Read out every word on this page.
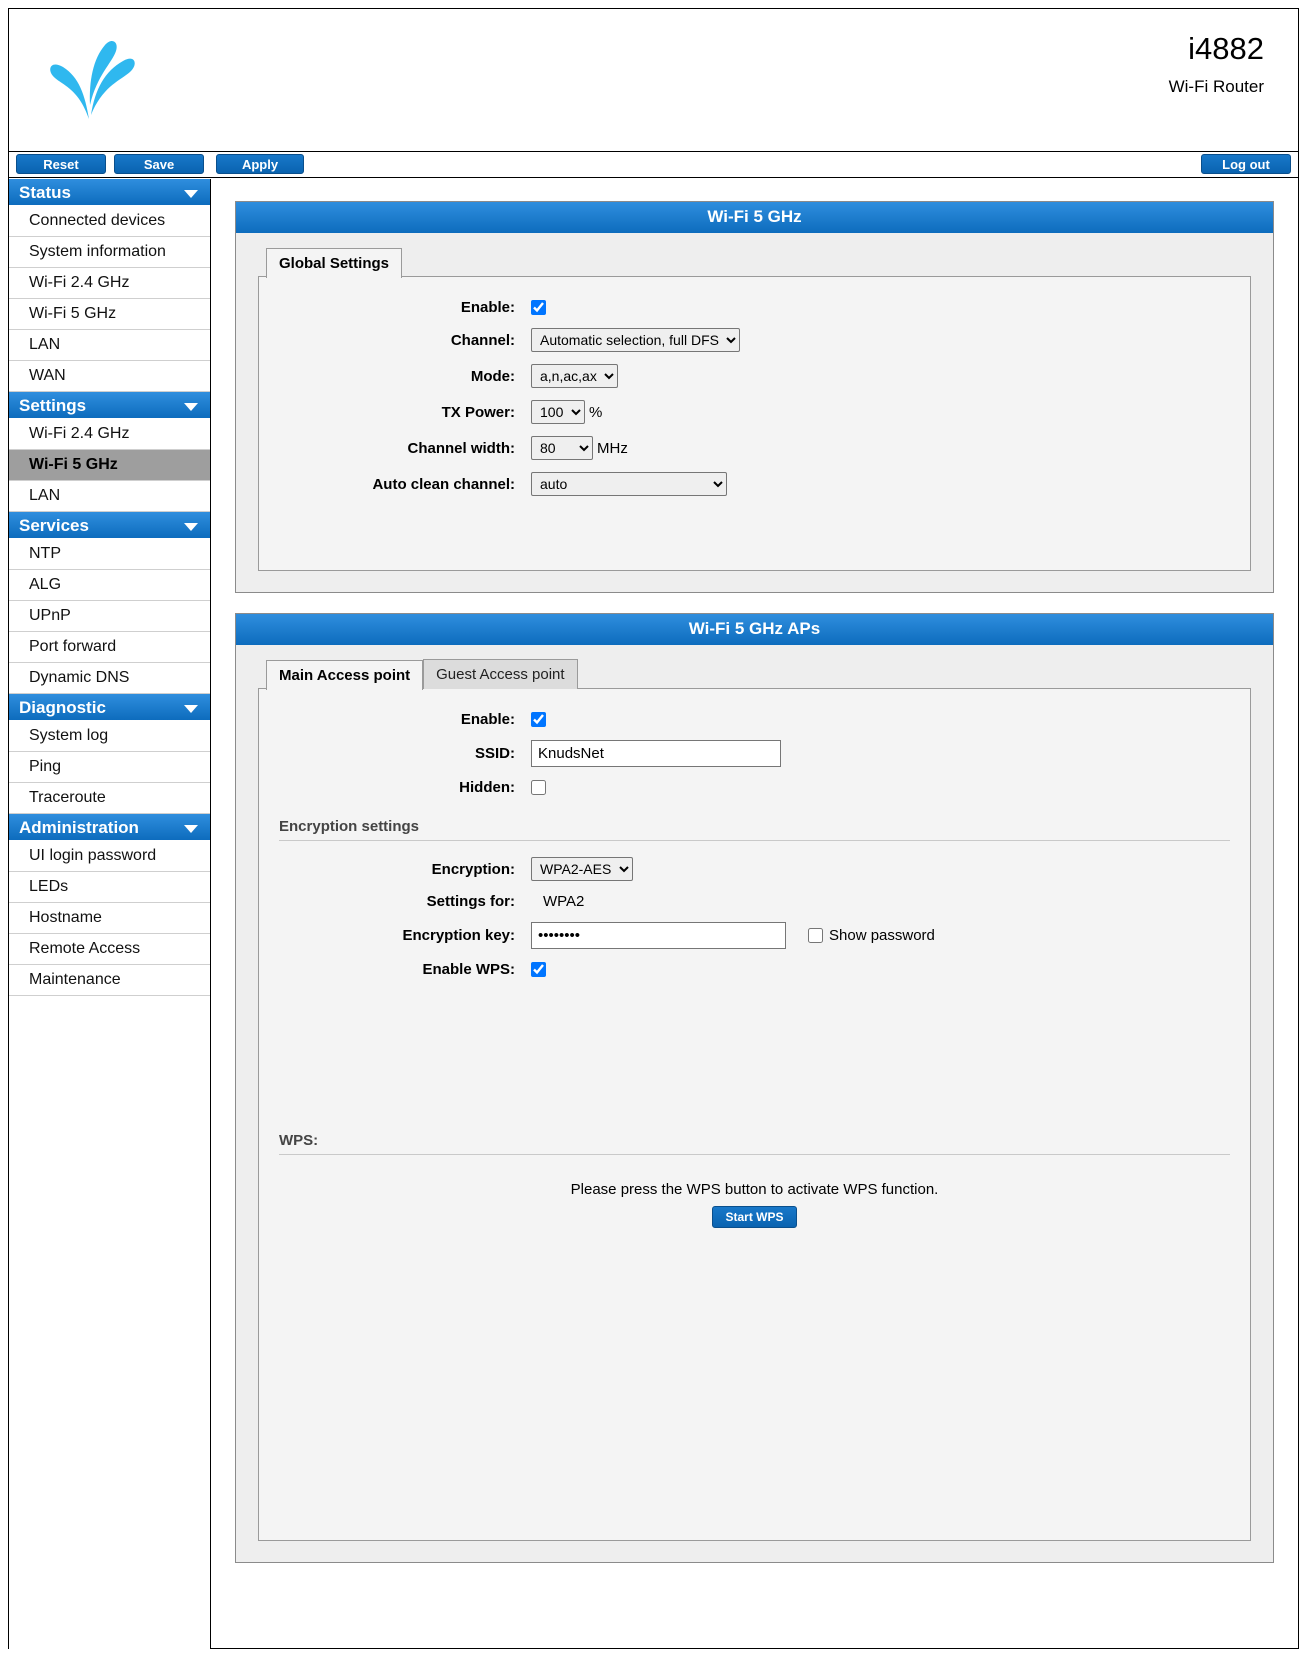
i4882
Wi-Fi Router
Reset	Save	Apply	Log out
Status
Connected devices
System information
Wi-Fi 2.4 GHz
Wi-Fi 5 GHz
LAN
WAN
Settings
Wi-Fi 2.4 GHz
Wi-Fi 5 GHz
LAN
Services
NTP
ALG
UPnP
Port forward
Dynamic DNS
Diagnostic
System log
Ping
Traceroute
Administration
UI login password
LEDs
Hostname
Remote Access
Maintenance
Wi-Fi 5 GHz
Global Settings
Enable:
Channel:
Automatic selection, full DFS
Mode:
a,n,ac,ax
TX Power:
100	%
Channel width:
80	MHz
Auto clean channel:
auto
Wi-Fi 5 GHz APs
Main Access point	Guest Access point
Enable:
SSID:
KnudsNet
Hidden:
Encryption settings
Encryption:
WPA2-AES
Settings for:	WPA2
Encryption key:
••••••••	Show password
Enable WPS:
WPS:
Please press the WPS button to activate WPS function.
Start WPS
